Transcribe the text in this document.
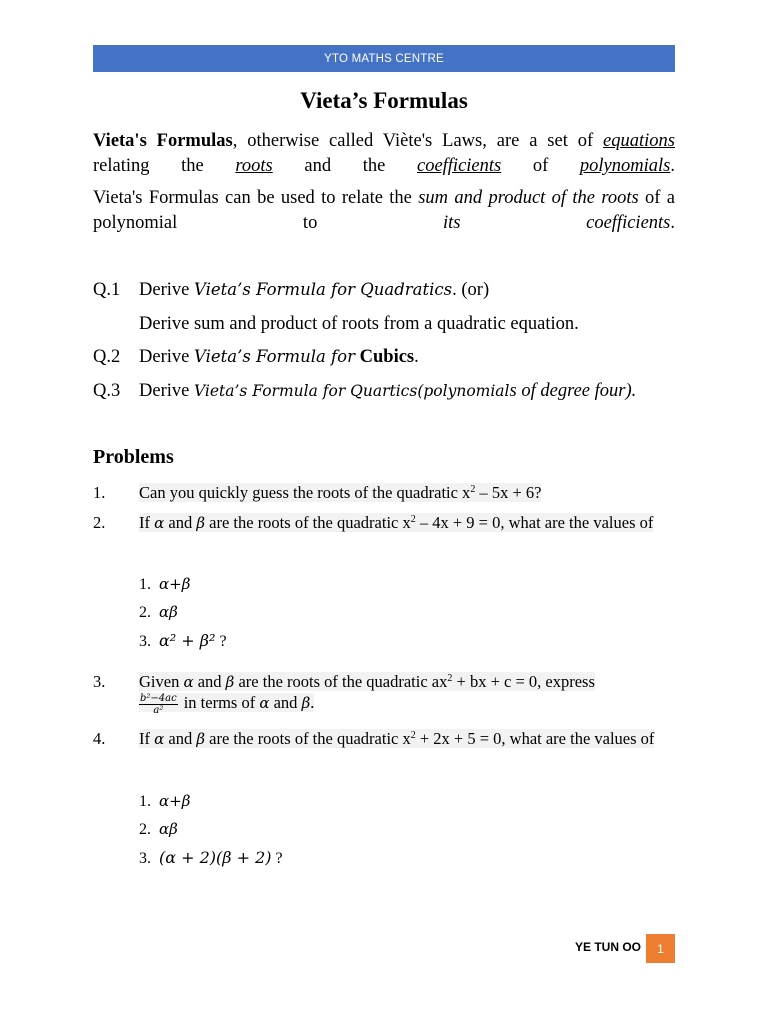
YTO MATHS CENTRE
Vieta’s Formulas
Vieta's Formulas, otherwise called Viète's Laws, are a set of equations relating the roots and the coefficients of polynomials.
Vieta's Formulas can be used to relate the sum and product of the roots of a polynomial to its coefficients.
Q.1 Derive Vieta’s Formula for Quadratics. (or)
Derive sum and product of roots from a quadratic equation.
Q.2 Derive Vieta’s Formula for Cubics.
Q.3 Derive Vieta’s Formula for Quartics(polynomials of degree four).
Problems
1. Can you quickly guess the roots of the quadratic $x^2 - 5x + 6$?
2. If α and β are the roots of the quadratic $x^2 - 4x + 9 = 0$, what are the values of
1. α+β
2. αβ
3. α² + β² ?
3. Given α and β are the roots of the quadratic $ax^2$ + bx + c = 0, express
$\frac{\text{b²−4ac}}{\text{a²}}$ in terms of α and β.
4. If α and β are the roots of the quadratic $x^2 + 2x + 5 = 0$, what are the values of
1. α+β
2. αβ
3. (α + 2)(β + 2) ?
YE TUN OO 1
